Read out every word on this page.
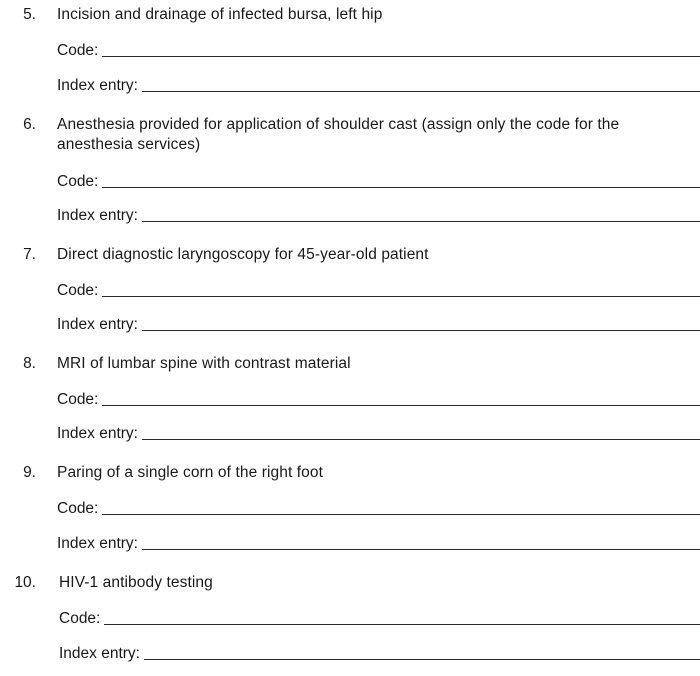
5. Incision and drainage of infected bursa, left hip
Code:
Index entry:
6. Anesthesia provided for application of shoulder cast (assign only the code for the anesthesia services)
Code:
Index entry:
7. Direct diagnostic laryngoscopy for 45-year-old patient
Code:
Index entry:
8. MRI of lumbar spine with contrast material
Code:
Index entry:
9. Paring of a single corn of the right foot
Code:
Index entry:
10. HIV-1 antibody testing
Code:
Index entry:
